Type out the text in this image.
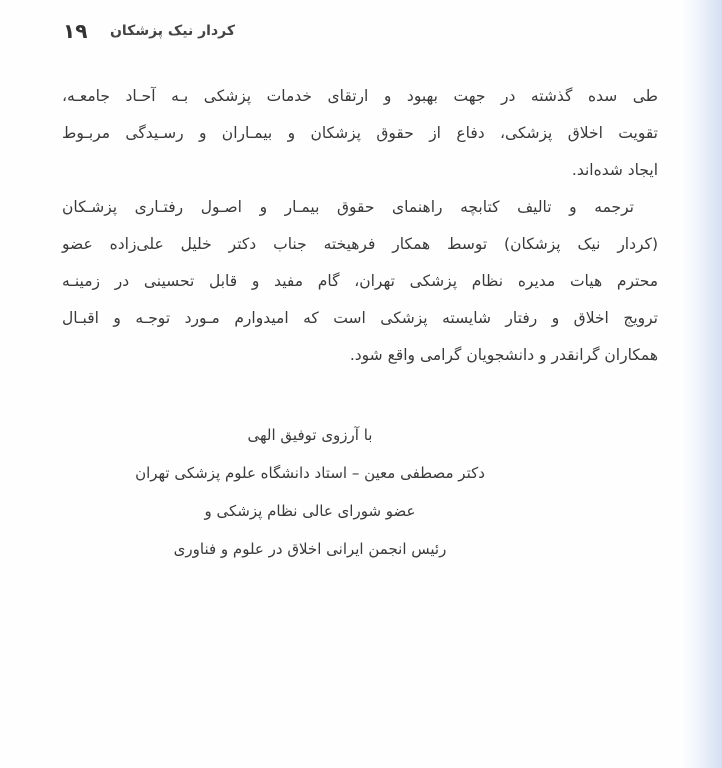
کردار نیک پزشکان
۱۹
طی سده گذشته در جهت بهبود و ارتقای خدمات پزشکی بـه آحـاد جامعـه،
تقویت اخلاق پزشکی، دفاع از حقوق پزشکان و بیمـاران و رسـیدگی مربـوط
ایجاد شده‌اند.
ترجمه و تالیف کتابچه راهنمای حقوق بیمـار و اصـول رفتـاری پزشـکان
(کردار نیک پزشکان) توسط همکار فرهیخته جناب دکتر خلیل علی‌زاده عضو
محترم هیات مدیره نظام پزشکی تهران، گام مفید و قابل تحسینی در زمینـه
ترویج اخلاق و رفتار شایسته پزشکی است که امیدوارم مـورد توجـه و اقبـال
همکاران گرانقدر و دانشجویان گرامی واقع شود.
با آرزوی توفیق الهی
دکتر مصطفی معین – استاد دانشگاه علوم پزشکی تهران
عضو شورای عالی نظام پزشکی و
رئیس انجمن ایرانی اخلاق در علوم و فناوری
